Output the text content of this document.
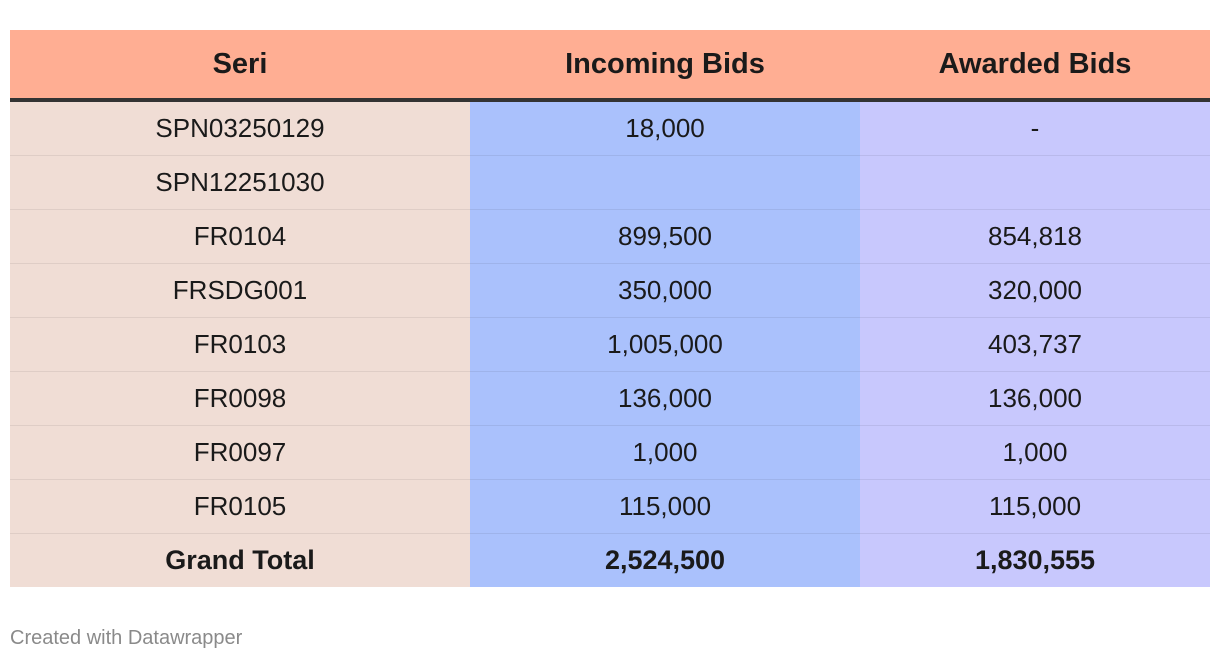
Seri	Incoming Bids	Awarded Bids
SPN03250129	18,000	-
SPN12251030		
FR0104	899,500	854,818
FRSDG001	350,000	320,000
FR0103	1,005,000	403,737
FR0098	136,000	136,000
FR0097	1,000	1,000
FR0105	115,000	115,000
Grand Total	2,524,500	1,830,555
Created with Datawrapper
